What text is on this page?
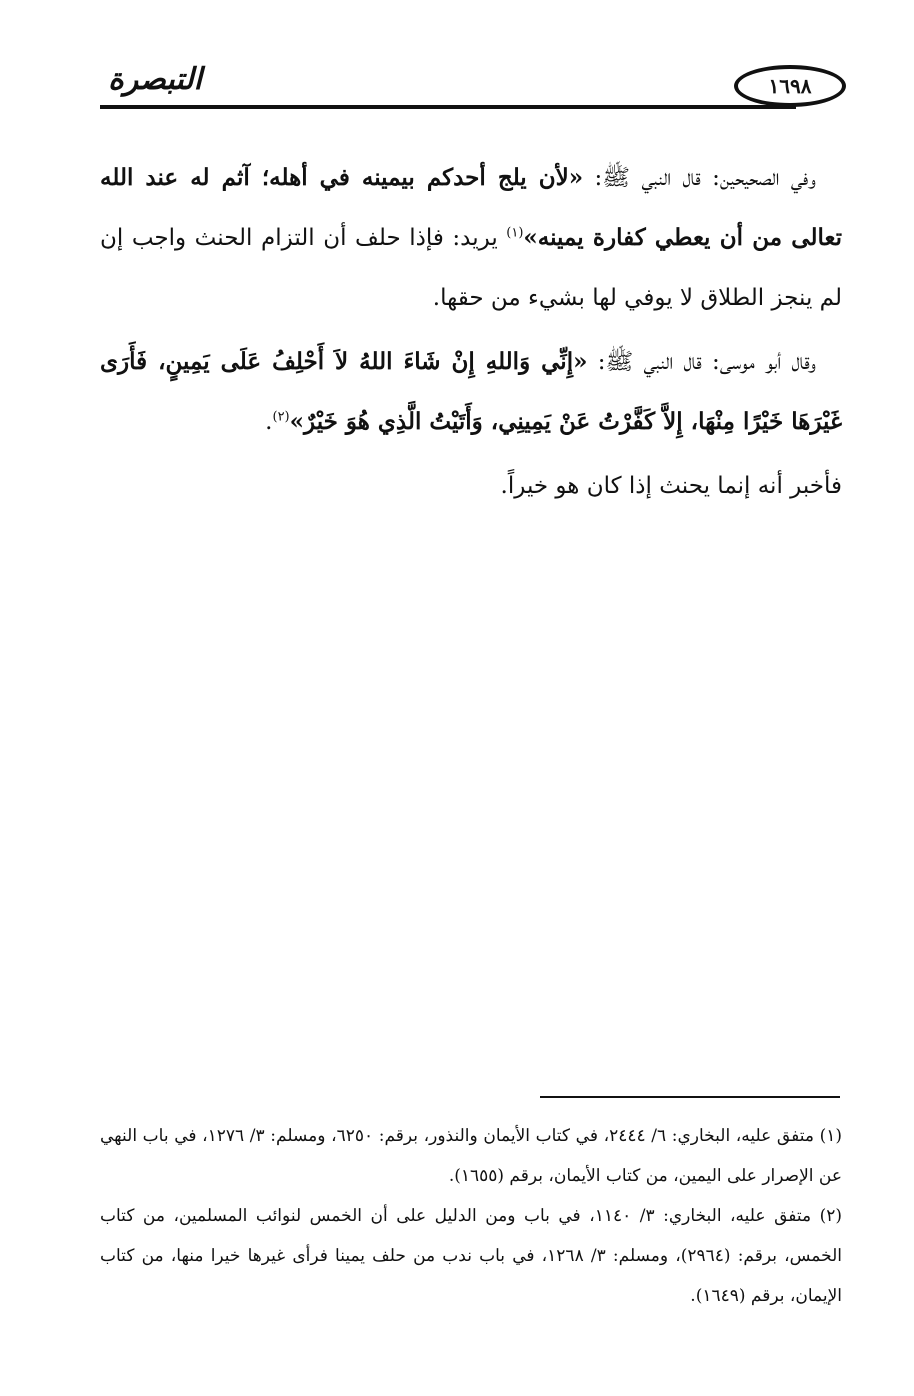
١٦٩٨
التبصرة

وفي الصحيحين: قال النبي ﷺ: «لأن يلج أحدكم بيمينه في أهله؛ آثم له عند الله تعالى من أن يعطي كفارة يمينه»$^{(١)}$ يريد: فإذا حلف أن التزام الحنث واجب إن لم ينجز الطلاق لا يوفي لها بشيء من حقها.

وقال أبو موسى: قال النبي ﷺ: «إِنِّي وَاللهِ إِنْ شَاءَ اللهُ لاَ أَحْلِفُ عَلَى يَمِينٍ، فَأَرَى غَيْرَهَا خَيْرًا مِنْهَا، إِلاَّ كَفَّرْتُ عَنْ يَمِينِي، وَأَتَيْتُ الَّذِي هُوَ خَيْرٌ»$^{(٢)}$.

فأخبر أنه إنما يحنث إذا كان هو خيراً.

(١) متفق عليه، البخاري: ٦/ ٢٤٤٤، في كتاب الأيمان والنذور، برقم: ٦٢٥٠، ومسلم: ٣/ ١٢٧٦، في باب النهي عن الإصرار على اليمين، من كتاب الأيمان، برقم (١٦٥٥).

(٢) متفق عليه، البخاري: ٣/ ١١٤٠، في باب ومن الدليل على أن الخمس لنوائب المسلمين، من كتاب الخمس، برقم: (٢٩٦٤)، ومسلم: ٣/ ١٢٦٨، في باب ندب من حلف يمينا فرأى غيرها خيرا منها، من كتاب الإيمان، برقم (١٦٤٩).
